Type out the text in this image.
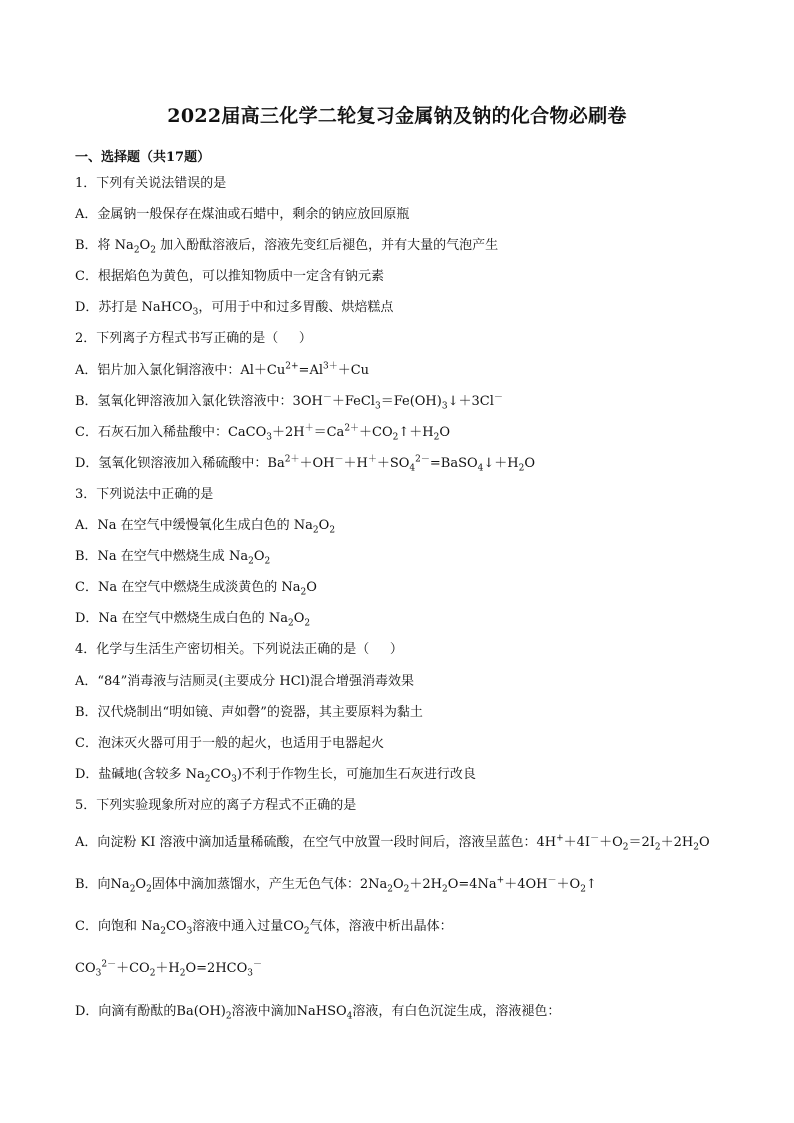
2022届高三化学二轮复习金属钠及钠的化合物必刷卷
一、选择题（共17题）
1．下列有关说法错误的是
A．金属钠一般保存在煤油或石蜡中，剩余的钠应放回原瓶
B．将 $Na_2O_2$ 加入酚酞溶液后，溶液先变红后褪色，并有大量的气泡产生
C．根据焰色为黄色，可以推知物质中一定含有钠元素
D．苏打是 NaHCO$_3$，可用于中和过多胃酸、烘焙糕点
2．下列离子方程式书写正确的是（     ）
A．铝片加入氯化铜溶液中：$Al+Cu^{2+}=Al^{3+}+Cu$
B．氢氧化钾溶液加入氯化铁溶液中：$3OH^-+FeCl_3=Fe(OH)_3↓+3Cl^-$
C．石灰石加入稀盐酸中：$CaCO_3+2H^+=Ca^{2+}+CO_2↑+H_2O$
D．氢氧化钡溶液加入稀硫酸中：$Ba^{2+}+OH^-+H^++SO_4^{2-}=BaSO_4↓+H_2O$
3．下列说法中正确的是
A．Na 在空气中缓慢氧化生成白色的 $Na_2O_2$
B．Na 在空气中燃烧生成 $Na_2O_2$
C．Na 在空气中燃烧生成淡黄色的 $Na_2O$
D．Na 在空气中燃烧生成白色的 $Na_2O_2$
4．化学与生活生产密切相关。下列说法正确的是（     ）
A．“84”消毒液与洁厕灵(主要成分 HCl)混合增强消毒效果
B．汉代烧制出“明如镜、声如磬”的瓷器，其主要原料为黏土
C．泡沫灭火器可用于一般的起火，也适用于电器起火
D．盐碱地(含较多 $Na_2CO_3$)不利于作物生长，可施加生石灰进行改良
5．下列实验现象所对应的离子方程式不正确的是
A．向淀粉 KI 溶液中滴加适量稀硫酸，在空气中放置一段时间后，溶液呈蓝色：$4H^++4I^-+O_2=2I_2+2H_2O$
B．向$Na_2O_2$固体中滴加蒸馏水，产生无色气体：$2Na_2O_2+2H_2O=4Na^++4OH^-+O_2↑$
C．向饱和 $Na_2CO_3$溶液中通入过量$CO_2$气体，溶液中析出晶体：
$CO_3^{2-}+CO_2+H_2O=2HCO_3^-$
D．向滴有酚酞的$Ba(OH)_2$溶液中滴加NaHSO$_4$溶液，有白色沉淀生成，溶液褪色：
